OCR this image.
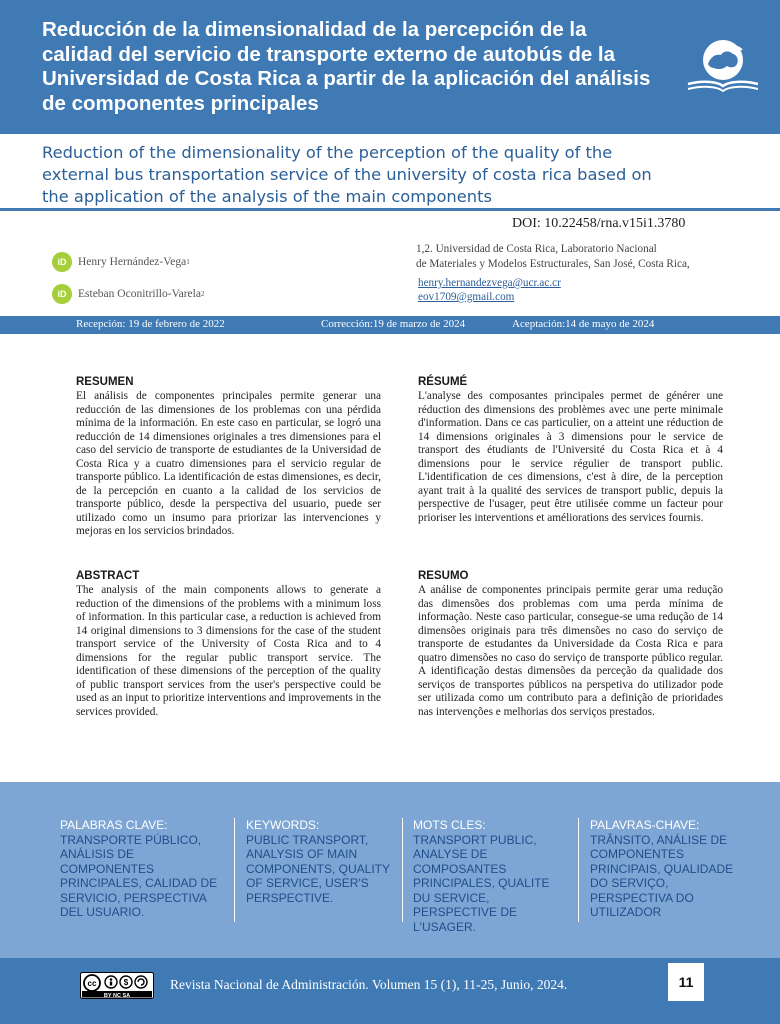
Reducción de la dimensionalidad de la percepción de la calidad del servicio de transporte externo de autobús de la Universidad de Costa Rica a partir de la aplicación del análisis de componentes principales
Reduction of the dimensionality of the perception of the quality of the external bus transportation service of the university of costa rica based on the application of the analysis of the main components
DOI: 10.22458/rna.v15i1.3780
iD	Henry Hernández-Vega 1
iD	Esteban Oconitrillo-Varela 2
1,2. Universidad de Costa Rica, Laboratorio Nacional
de Materiales y Modelos Estructurales, San José, Costa Rica,
henry.hernandezvega@ucr.ac.cr
eov1709@gmail.com
Recepción: 19 de febrero de 2022	Corrección:19 de marzo de 2024	Aceptación:14 de mayo de 2024
RESUMEN

El análisis de componentes principales permite generar una reducción de las dimensiones de los problemas con una pérdida mínima de la información. En este caso en particular, se logró una reducción de 14 dimensiones originales a tres dimensiones para el caso del servicio de transporte de estudiantes de la Universidad de Costa Rica y a cuatro dimensiones para el servicio regular de transporte público. La identificación de estas dimensiones, es decir, de la percepción en cuanto a la calidad de los servicios de transporte público, desde la perspectiva del usuario, puede ser utilizado como un insumo para priorizar las intervenciones y mejoras en los servicios brindados.

ABSTRACT

The analysis of the main components allows to generate a reduction of the dimensions of the problems with a minimum loss of information. In this particular case, a reduction is achieved from 14 original dimensions to 3 dimensions for the case of the student transport service of the University of Costa Rica and to 4 dimensions for the regular public transport service. The identification of these dimensions of the perception of the quality of public transport services from the user's perspective could be used as an input to prioritize interventions and improvements in the services provided.

RÉSUMÉ

L'analyse des composantes principales permet de générer une réduction des dimensions des problèmes avec une perte minimale d'information. Dans ce cas particulier, on a atteint une réduction de 14 dimensions originales à 3 dimensions pour le service de transport des étudiants de l'Université du Costa Rica et à 4 dimensions pour le service régulier de transport public. L'identification de ces dimensions, c'est à dire, de la perception ayant trait à la qualité des services de transport public, depuis la perspective de l'usager, peut être utilisée comme un facteur pour prioriser les interventions et améliorations des services fournis.

RESUMO

A análise de componentes principais permite gerar uma redução das dimensões dos problemas com uma perda mínima de informação. Neste caso particular, consegue-se uma redução de 14 dimensões originais para três dimensões no caso do serviço de transporte de estudantes da Universidade da Costa Rica e para quatro dimensões no caso do serviço de transporte público regular. A identificação destas dimensões da perceção da qualidade dos serviços de transportes públicos na perspetiva do utilizador pode ser utilizada como um contributo para a definição de prioridades nas intervenções e melhorias dos serviços prestados.

PALABRAS CLAVE:
TRANSPORTE PÚBLICO, ANÁLISIS DE COMPONENTES PRINCIPALES, CALIDAD DE SERVICIO, PERSPECTIVA DEL USUARIO.
KEYWORDS:
PUBLIC TRANSPORT, ANALYSIS OF MAIN COMPONENTS, QUALITY OF SERVICE, USER'S PERSPECTIVE.
MOTS CLES:
TRANSPORT PUBLIC, ANALYSE DE COMPOSANTES PRINCIPALES, QUALITE DU SERVICE, PERSPECTIVE DE L'USAGER.
PALAVRAS-CHAVE:
TRÂNSITO, ANÁLISE DE COMPONENTES PRINCIPAIS, QUALIDADE DO SERVIÇO, PERSPECTIVA DO UTILIZADOR
cc	$
BY NC SA
Revista Nacional de Administración. Volumen 15 (1), 11-25, Junio, 2024.	11
